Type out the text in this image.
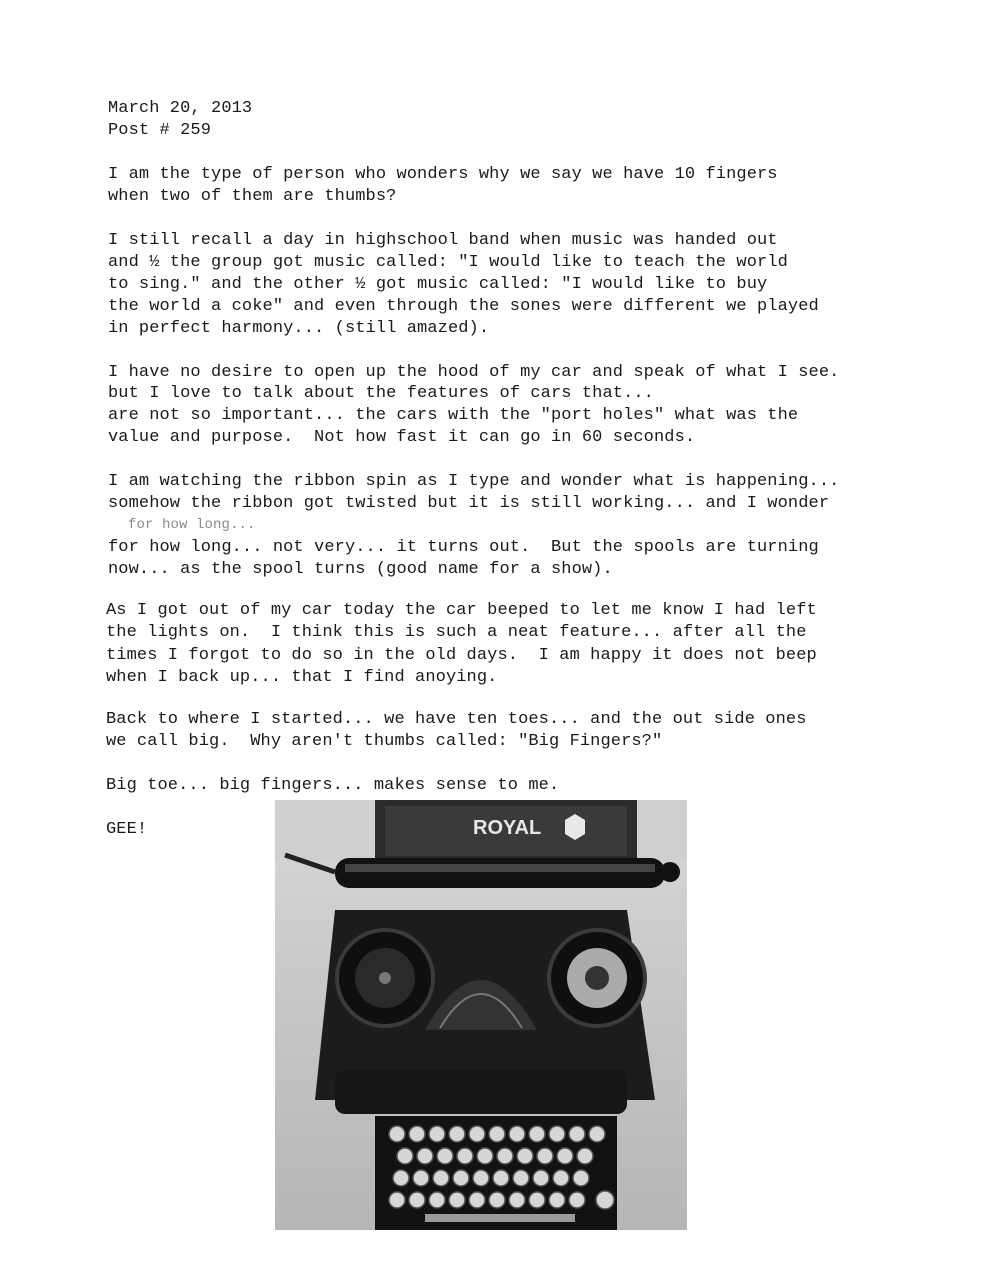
March 20, 2013
Post # 259
I am the type of person who wonders why we say we have 10 fingers
when two of them are thumbs?
I still recall a day in highschool band when music was handed out
and ½ the group got music called: "I would like to teach the world
to sing." and the other ½ got music called: "I would like to buy
the world a coke" and even through the sones were different we played
in perfect harmony... (still amazed).
I have no desire to open up the hood of my car and speak of what I see.
but I love to talk about the features of cars that...
are not so important... the cars with the "port holes" what was the
value and purpose.  Not how fast it can go in 60 seconds.
I am watching the ribbon spin as I type and wonder what is happening...
somehow the ribbon got twisted but it is still working... and I wonder
for how long...
for how long... not very... it turns out.  But the spools are turning
now... as the spool turns (good name for a show).
As I got out of my car today the car beeped to let me know I had left
the lights on.  I think this is such a neat feature... after all the
times I forgot to do so in the old days.  I am happy it does not beep
when I back up... that I find anoying.
Back to where I started... we have ten toes... and the out side ones
we call big.  Why aren't thumbs called: "Big Fingers?"
Big toe... big fingers... makes sense to me.
GEE!	ROYAL
